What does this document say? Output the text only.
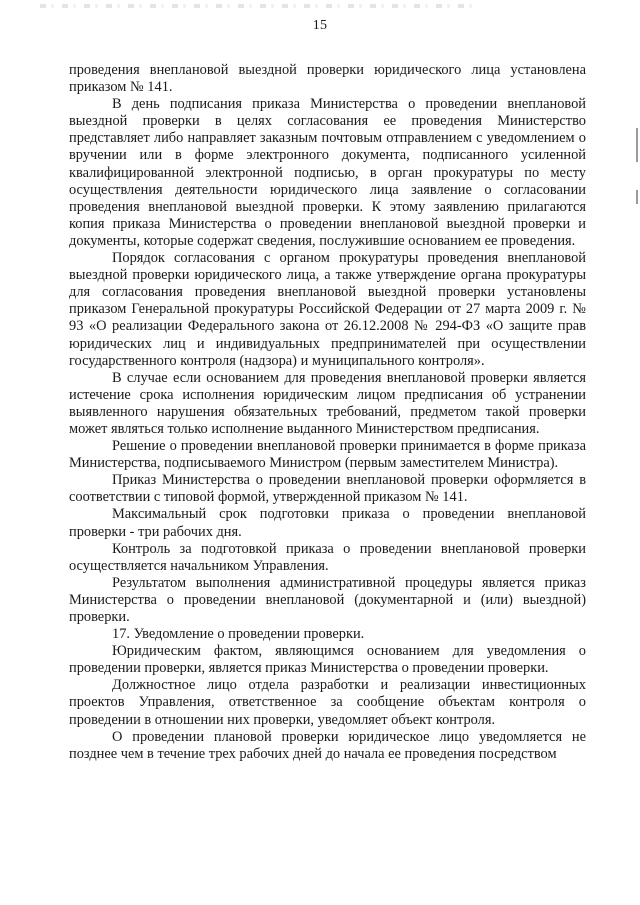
15

проведения внеплановой выездной проверки юридического лица установлена приказом № 141.

В день подписания приказа Министерства о проведении внеплановой выездной проверки в целях согласования ее проведения Министерство представляет либо направляет заказным почтовым отправлением с уведомлением о вручении или в форме электронного документа, подписанного усиленной квалифицированной электронной подписью, в орган прокуратуры по месту осуществления деятельности юридического лица заявление о согласовании проведения внеплановой выездной проверки. К этому заявлению прилагаются копия приказа Министерства о проведении внеплановой выездной проверки и документы, которые содержат сведения, послужившие основанием ее проведения.

Порядок согласования с органом прокуратуры проведения внеплановой выездной проверки юридического лица, а также утверждение органа прокуратуры для согласования проведения внеплановой выездной проверки установлены приказом Генеральной прокуратуры Российской Федерации от 27 марта 2009 г. № 93 «О реализации Федерального закона от 26.12.2008 № 294-ФЗ «О защите прав юридических лиц и индивидуальных предпринимателей при осуществлении государственного контроля (надзора) и муниципального контроля».

В случае если основанием для проведения внеплановой проверки является истечение срока исполнения юридическим лицом предписания об устранении выявленного нарушения обязательных требований, предметом такой проверки может являться только исполнение выданного Министерством предписания.

Решение о проведении внеплановой проверки принимается в форме приказа Министерства, подписываемого Министром (первым заместителем Министра).

Приказ Министерства о проведении внеплановой проверки оформляется в соответствии с типовой формой, утвержденной приказом № 141.

Максимальный срок подготовки приказа о проведении внеплановой проверки - три рабочих дня.

Контроль за подготовкой приказа о проведении внеплановой проверки осуществляется начальником Управления.

Результатом выполнения административной процедуры является приказ Министерства о проведении внеплановой (документарной и (или) выездной) проверки.

17. Уведомление о проведении проверки.

Юридическим фактом, являющимся основанием для уведомления о проведении проверки, является приказ Министерства о проведении проверки.

Должностное лицо отдела разработки и реализации инвестиционных проектов Управления, ответственное за сообщение объектам контроля о проведении в отношении них проверки, уведомляет объект контроля.

О проведении плановой проверки юридическое лицо уведомляется не позднее чем в течение трех рабочих дней до начала ее проведения посредством
